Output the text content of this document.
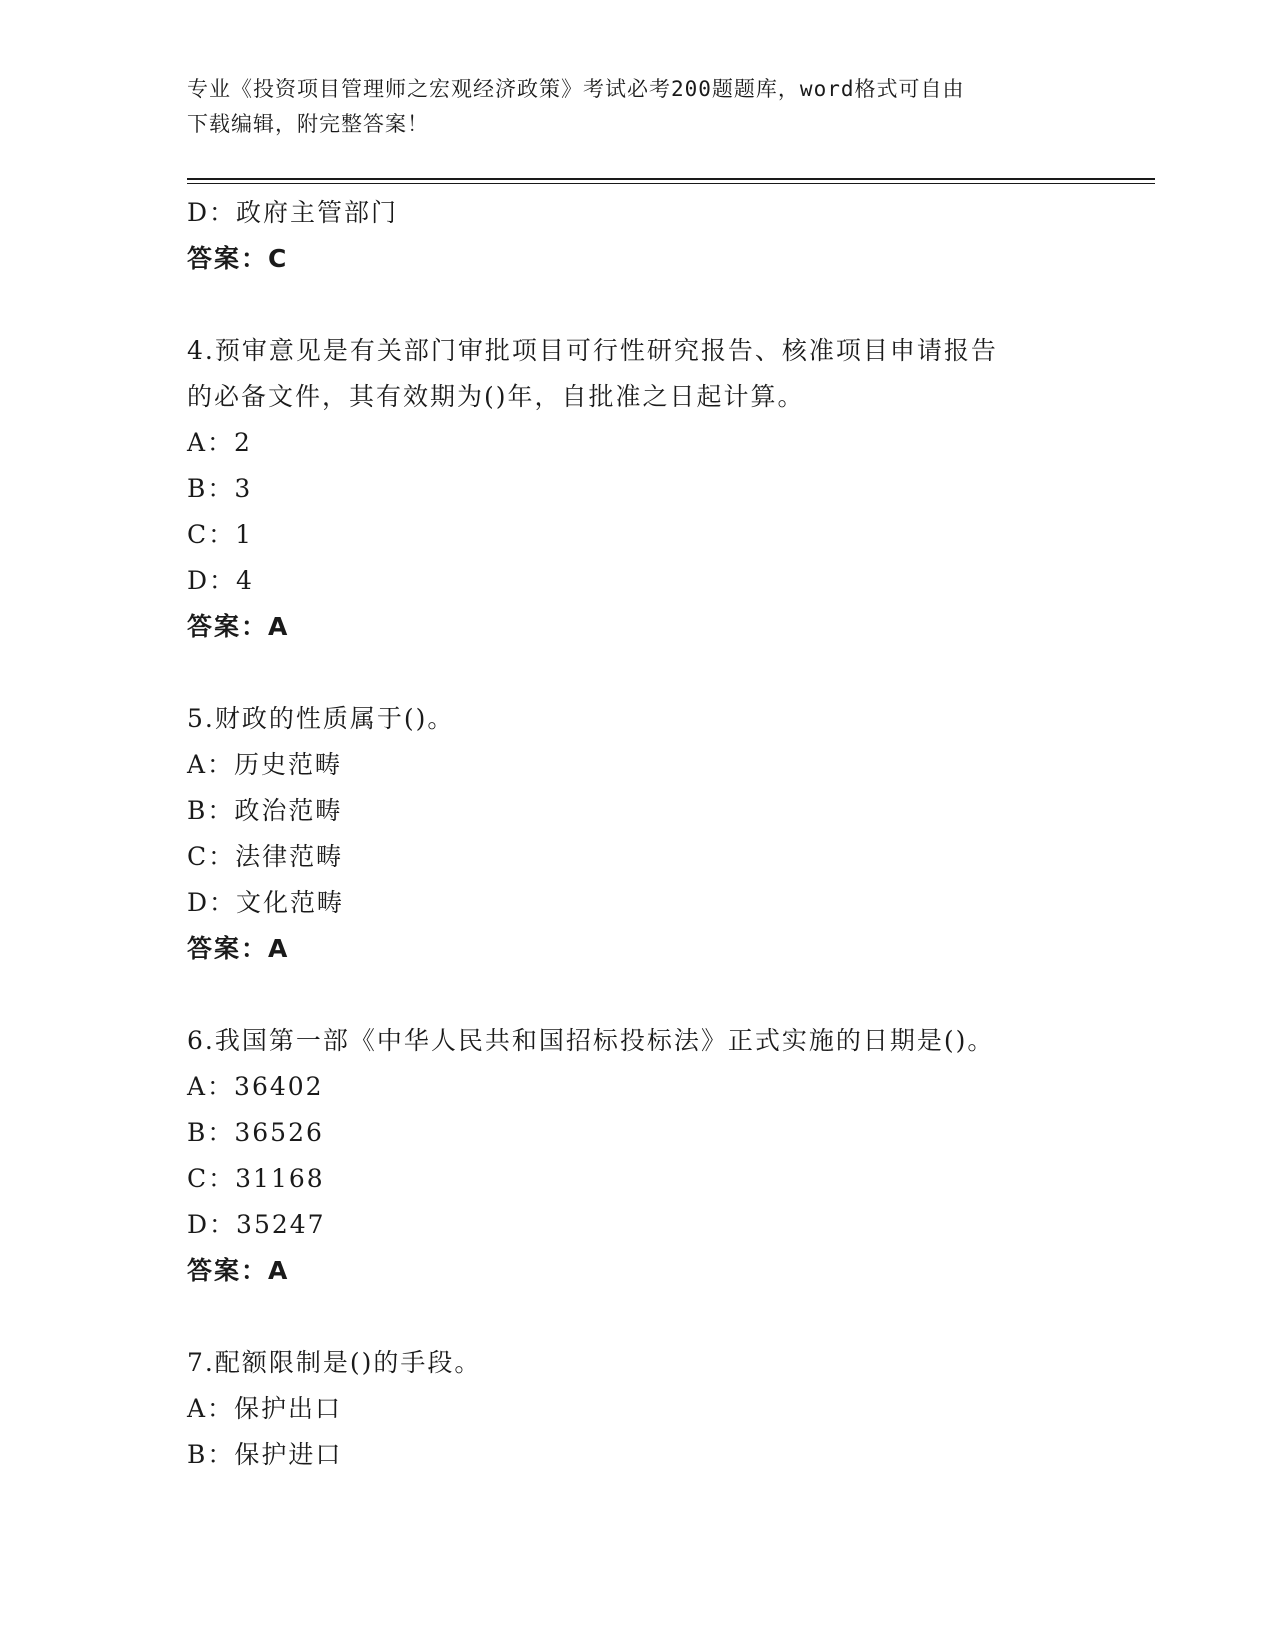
专业《投资项目管理师之宏观经济政策》考试必考200题题库，word格式可自由
下载编辑，附完整答案！
D：政府主管部门
答案：C
4.预审意见是有关部门审批项目可行性研究报告、核准项目申请报告
的必备文件，其有效期为()年，自批准之日起计算。
A：2
B：3
C：1
D：4
答案：A
5.财政的性质属于()。
A：历史范畴
B：政治范畴
C：法律范畴
D：文化范畴
答案：A
6.我国第一部《中华人民共和国招标投标法》正式实施的日期是()。
A：36402
B：36526
C：31168
D：35247
答案：A
7.配额限制是()的手段。
A：保护出口
B：保护进口
